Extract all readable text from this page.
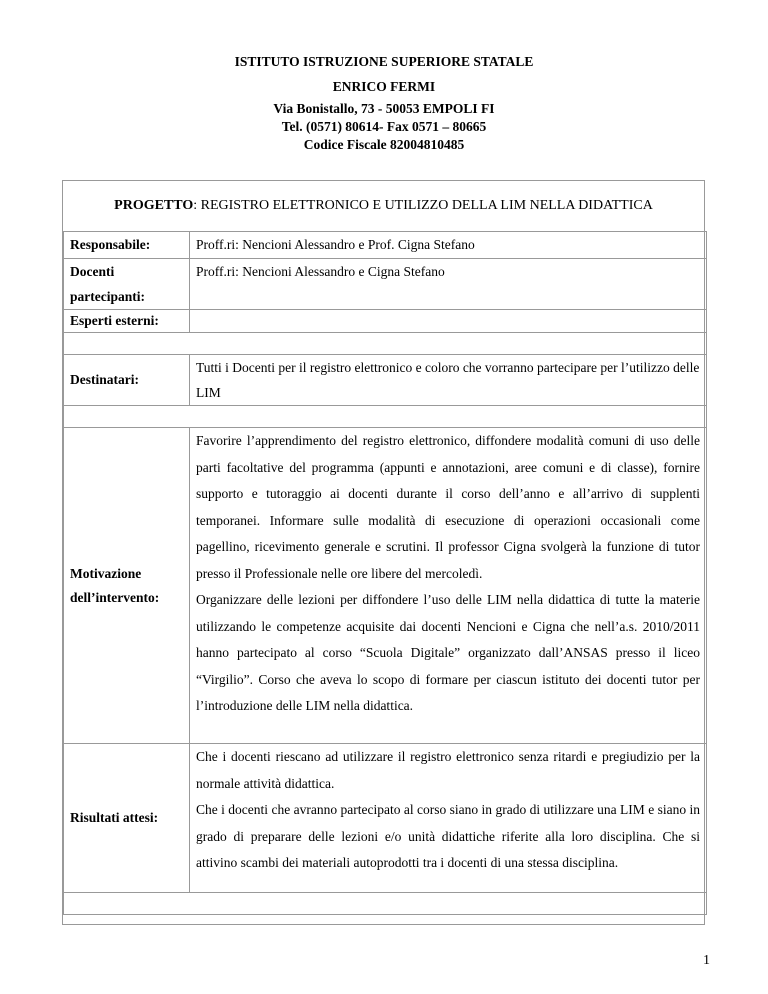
ISTITUTO ISTRUZIONE SUPERIORE STATALE
ENRICO FERMI
Via Bonistallo, 73 - 50053 EMPOLI FI
Tel. (0571) 80614- Fax 0571 – 80665
Codice Fiscale 82004810485
PROGETTO: REGISTRO ELETTRONICO E UTILIZZO DELLA LIM NELLA DIDATTICA
Responsabile:	Proff.ri: Nencioni Alessandro e Prof. Cigna Stefano
Docenti partecipanti:	Proff.ri: Nencioni Alessandro e Cigna Stefano
Esperti esterni:	

Destinatari:	Tutti i Docenti per il registro elettronico e coloro che vorranno partecipare per l’utilizzo delle LIM

Motivazione dell’intervento:	Favorire l’apprendimento del registro elettronico, diffondere modalità comuni di uso delle parti facoltative del programma (appunti e annotazioni, aree comuni e di classe), fornire supporto e tutoraggio ai docenti durante il corso dell’anno e all’arrivo di supplenti temporanei. Informare sulle modalità di esecuzione di operazioni occasionali come pagellino, ricevimento generale e scrutini. Il professor Cigna svolgerà la funzione di tutor presso il Professionale nelle ore libere del mercoledì.

Organizzare delle lezioni per diffondere l’uso delle LIM nella didattica di tutte la materie utilizzando le competenze acquisite dai docenti Nencioni e Cigna che nell’a.s. 2010/2011 hanno partecipato al corso “Scuola Digitale” organizzato dall’ANSAS presso il liceo “Virgilio”. Corso che aveva lo scopo di formare per ciascun istituto dei docenti tutor per l’introduzione delle LIM nella didattica.

Risultati attesi:	Che i docenti riescano ad utilizzare il registro elettronico senza ritardi e pregiudizio per la normale attività didattica.

Che i docenti che avranno partecipato al corso siano in grado di utilizzare una LIM e siano in grado di preparare delle lezioni e/o unità didattiche riferite alla loro disciplina. Che si attivino scambi dei materiali autoprodotti tra i docenti di una stessa disciplina.

1
